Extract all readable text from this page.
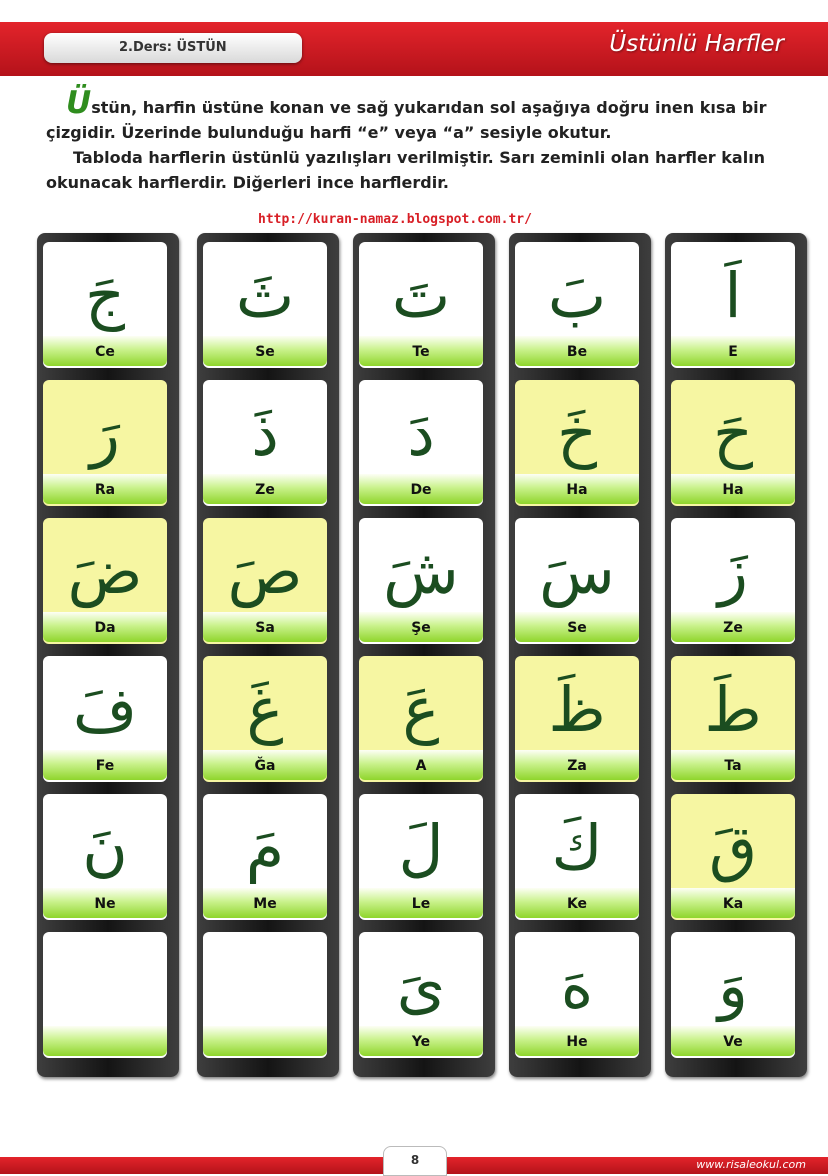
2.Ders: ÜSTÜN	Üstünlü Harfler

Üstün, harfin üstüne konan ve sağ yukarıdan sol aşağıya doğru inen kısa bir çizgidir. Üzerinde bulunduğu harfi “e” veya “a” sesiyle okutur.

Tabloda harflerin üstünlü yazılışları verilmiştir. Sarı zeminli olan harfler kalın okunacak harflerdir. Diğerleri ince harflerdir.

http://kuran-namaz.blogspot.com.tr/
ا
E
ح
Ha
ز
Ze
ط
Ta
ق
Ka
و
Ve
ب
Be
خ
Ha
س
Se
ظ
Za
ك
Ke
ه
He
ت
Te
د
De
ش
Şe
ع
A
ل
Le
ى
Ye
ث
Se
ذ
Ze
ص
Sa
غ
Ğa
م
Me
ج
Ce
ر
Ra
ض
Da
ف
Fe
ن
Ne
8	www.risaleokul.com
